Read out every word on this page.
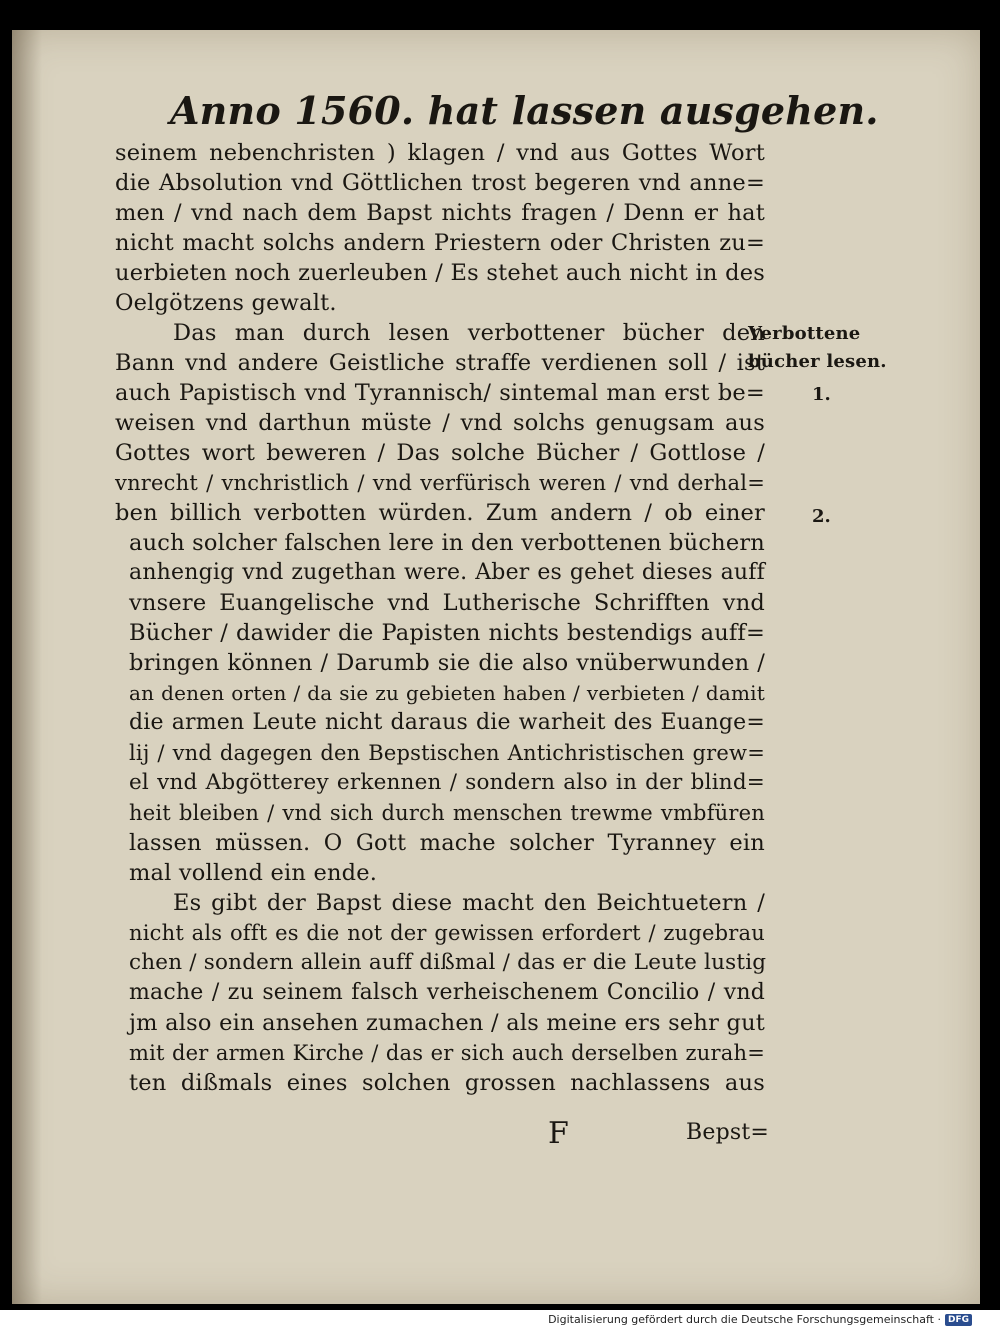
Anno 1560. hat lassen ausgehen.
seinem nebenchristen ) klagen / vnd aus Gottes Wort
die Absolution vnd Göttlichen trost begeren vnd anne=
men / vnd nach dem Bapst nichts fragen / Denn er hat
nicht macht solchs andern Priestern oder Christen zu=
uerbieten noch zuerleuben / Es stehet auch nicht in des
Oelgötzens gewalt.
Das man durch lesen verbottener bücher den
Bann vnd andere Geistliche straffe verdienen soll / ist
auch Papistisch vnd Tyrannisch/ sintemal man erst be=
weisen vnd darthun müste / vnd solchs genugsam aus
Gottes wort beweren / Das solche Bücher / Gottlose /
vnrecht / vnchristlich / vnd verfürisch weren / vnd derhal=
ben billich verbotten würden. Zum andern / ob einer
auch solcher falschen lere in den verbottenen büchern
anhengig vnd zugethan were. Aber es gehet dieses auff
vnsere Euangelische vnd Lutherische Schrifften vnd
Bücher / dawider die Papisten nichts bestendigs auff=
bringen können / Darumb sie die also vnüberwunden /
an denen orten / da sie zu gebieten haben / verbieten / damit
die armen Leute nicht daraus die warheit des Euange=
lij / vnd dagegen den Bepstischen Antichristischen grew=
el vnd Abgötterey erkennen / sondern also in der blind=
heit bleiben / vnd sich durch menschen trewme vmbfüren
lassen müssen. O Gott mache solcher Tyranney ein
mal vollend ein ende.
Es gibt der Bapst diese macht den Beichtuetern /
nicht als offt es die not der gewissen erfordert / zugebrau
chen / sondern allein auff dißmal / das er die Leute lustig
mache / zu seinem falsch verheischenem Concilio / vnd
jm also ein ansehen zumachen / als meine ers sehr gut
mit der armen Kirche / das er sich auch derselben zurah=
ten dißmals eines solchen grossen nachlassens aus
Verbottene
bücher lesen.
1.
2.
F	Bepst=
Digitalisierung gefördert durch die Deutsche Forschungsgemeinschaft · DFG
